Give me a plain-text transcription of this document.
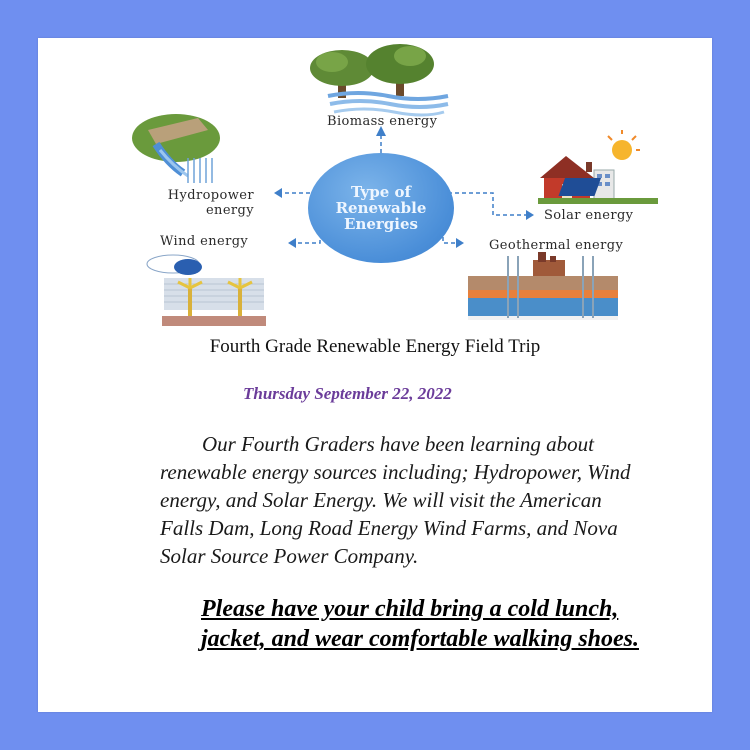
Type of Renewable Energies
Biomass energy
Hydropower
energy
Wind energy
Solar energy
Geothermal energy
Fourth Grade Renewable Energy Field Trip
Thursday September 22, 2022
Our Fourth Graders have been learning about renewable energy sources including; Hydropower, Wind energy, and Solar Energy. We will visit the American Falls Dam, Long Road Energy Wind Farms, and Nova Solar Source Power Company.
Please have your child bring a cold lunch, jacket, and wear comfortable walking shoes.
